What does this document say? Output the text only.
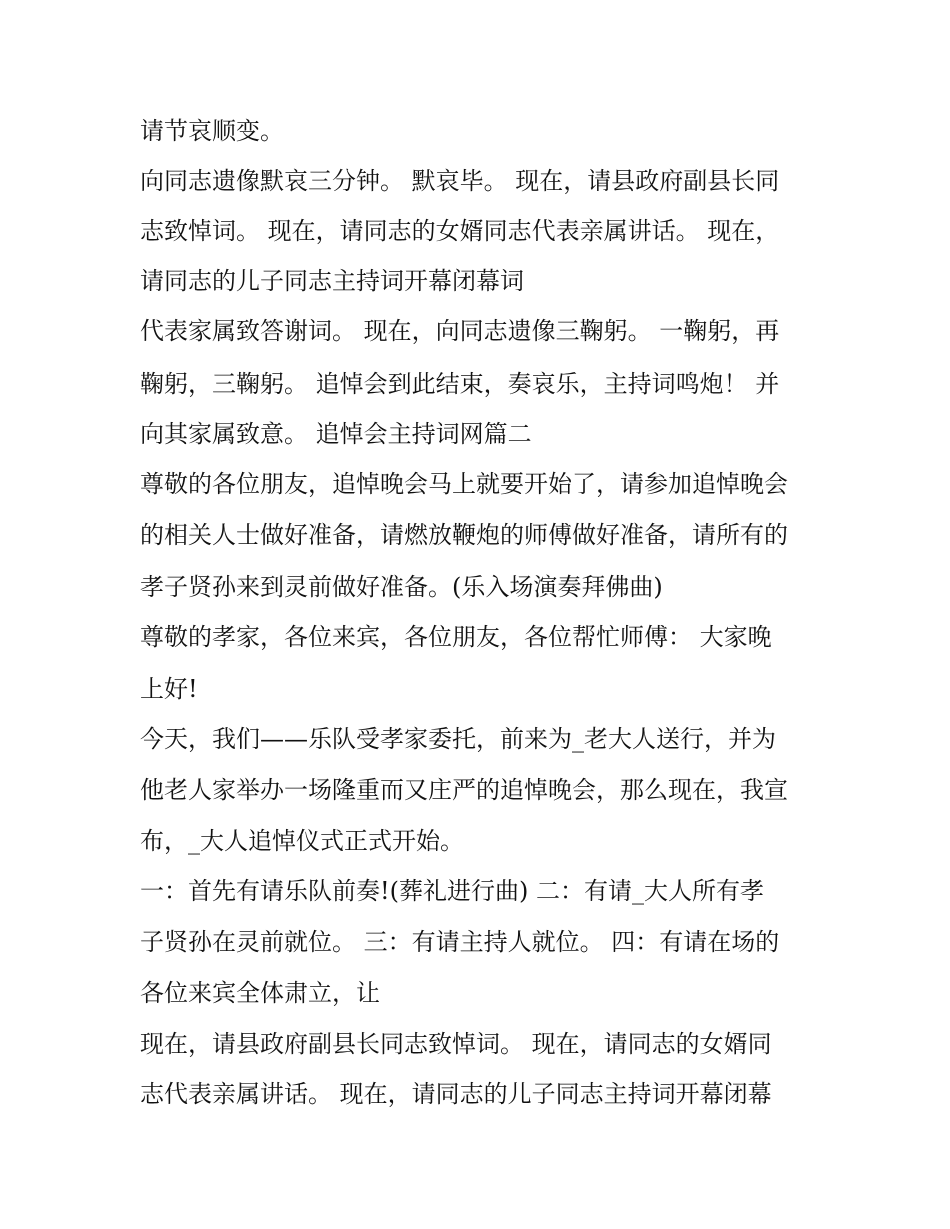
请节哀顺变。
向同志遗像默哀三分钟。 默哀毕。 现在，请县政府副县长同
志致悼词。 现在，请同志的女婿同志代表亲属讲话。 现在，
请同志的儿子同志主持词开幕闭幕词
代表家属致答谢词。 现在，向同志遗像三鞠躬。 一鞠躬，再
鞠躬，三鞠躬。 追悼会到此结束，奏哀乐，主持词鸣炮！ 并
向其家属致意。 追悼会主持词网篇二
尊敬的各位朋友，追悼晚会马上就要开始了，请参加追悼晚会
的相关人士做好准备，请燃放鞭炮的师傅做好准备，请所有的
孝子贤孙来到灵前做好准备。(乐入场演奏拜佛曲)
尊敬的孝家，各位来宾，各位朋友，各位帮忙师傅： 大家晚
上好!
今天，我们——乐队受孝家委托，前来为_老大人送行，并为
他老人家举办一场隆重而又庄严的追悼晚会，那么现在，我宣
布，_大人追悼仪式正式开始。
一：首先有请乐队前奏!(葬礼进行曲) 二：有请_大人所有孝
子贤孙在灵前就位。 三：有请主持人就位。 四：有请在场的
各位来宾全体肃立，让
现在，请县政府副县长同志致悼词。 现在，请同志的女婿同
志代表亲属讲话。 现在，请同志的儿子同志主持词开幕闭幕
